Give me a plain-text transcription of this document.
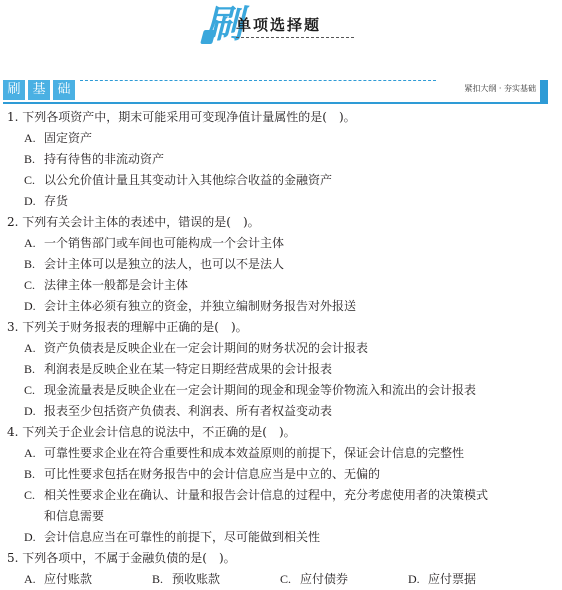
刷
单项选择题
刷 基 础	紧扣大纲 · 夯实基础
1. 下列各项资产中，期末可能采用可变现净值计量属性的是(　)。
A. 固定资产
B. 持有待售的非流动资产
C. 以公允价值计量且其变动计入其他综合收益的金融资产
D. 存货
2. 下列有关会计主体的表述中，错误的是(　)。
A. 一个销售部门或车间也可能构成一个会计主体
B. 会计主体可以是独立的法人，也可以不是法人
C. 法律主体一般都是会计主体
D. 会计主体必须有独立的资金，并独立编制财务报告对外报送
3. 下列关于财务报表的理解中正确的是(　)。
A. 资产负债表是反映企业在一定会计期间的财务状况的会计报表
B. 利润表是反映企业在某一特定日期经营成果的会计报表
C. 现金流量表是反映企业在一定会计期间的现金和现金等价物流入和流出的会计报表
D. 报表至少包括资产负债表、利润表、所有者权益变动表
4. 下列关于企业会计信息的说法中，不正确的是(　)。
A. 可靠性要求企业在符合重要性和成本效益原则的前提下，保证会计信息的完整性
B. 可比性要求包括在财务报告中的会计信息应当是中立的、无偏的
C. 相关性要求企业在确认、计量和报告会计信息的过程中，充分考虑使用者的决策模式
和信息需要
D. 会计信息应当在可靠性的前提下，尽可能做到相关性
5. 下列各项中，不属于金融负债的是(　)。
A. 应付账款	B. 预收账款	C. 应付债券	D. 应付票据
